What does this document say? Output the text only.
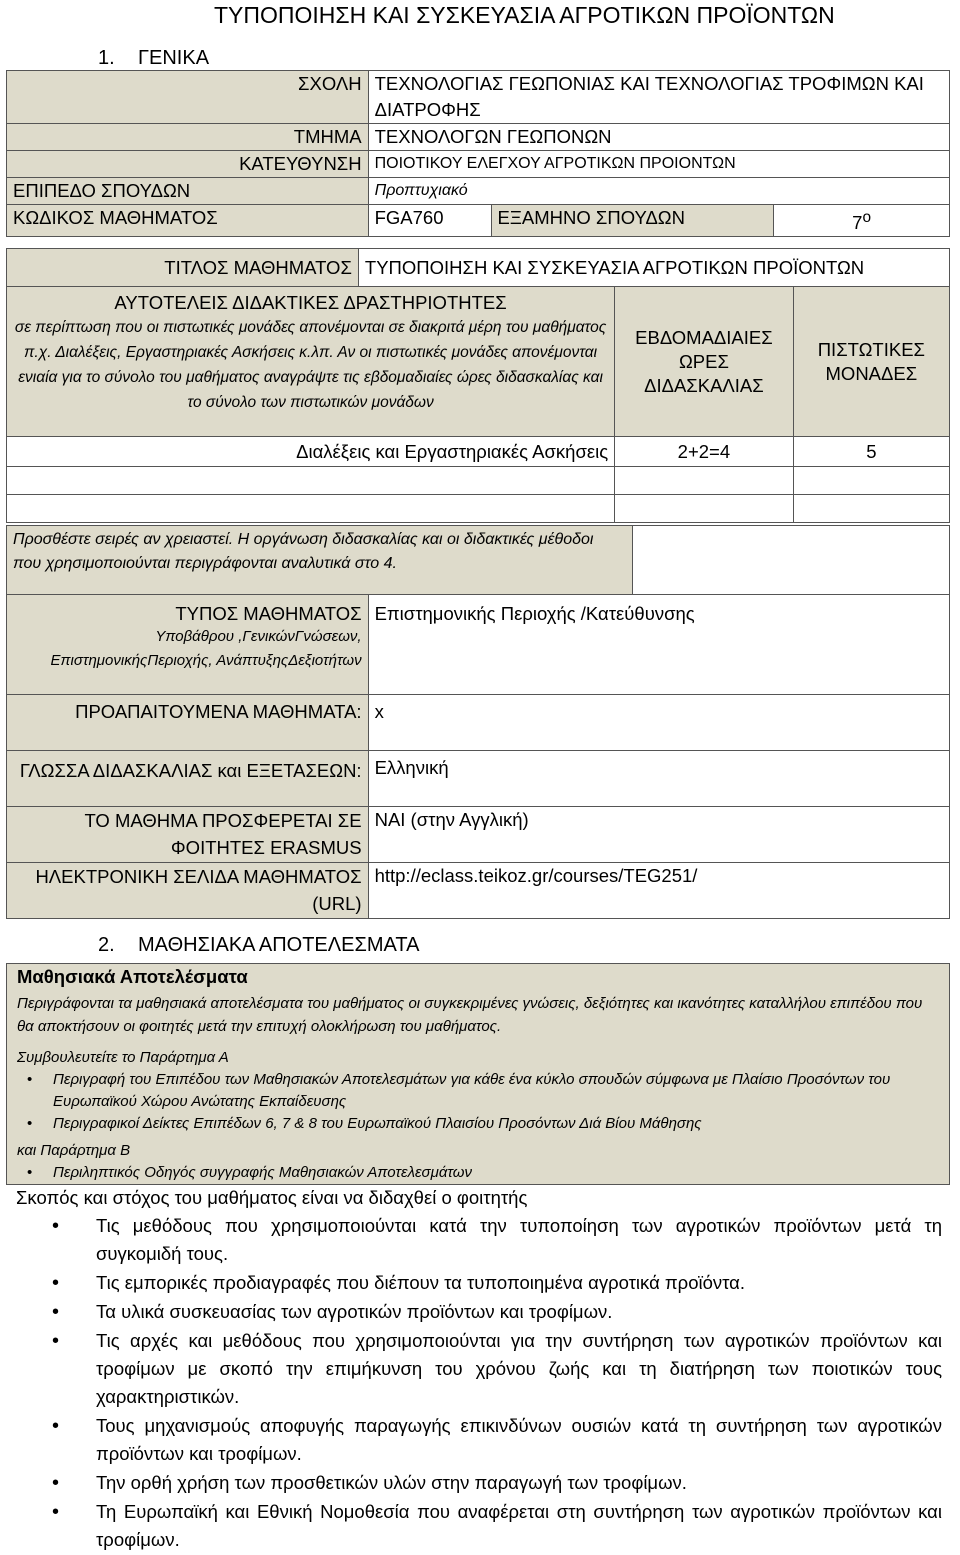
ΤΥΠΟΠΟΙΗΣΗ ΚΑΙ ΣΥΣΚΕΥΑΣΙΑ ΑΓΡΟΤΙΚΩΝ ΠΡΟΪΟΝΤΩΝ
1. ΓΕΝΙΚΑ
ΣΧΟΛΗ	ΤΕΧΝΟΛΟΓΙΑΣ ΓΕΩΠΟΝΙΑΣ ΚΑΙ ΤΕΧΝΟΛΟΓΙΑΣ ΤΡΟΦΙΜΩΝ ΚΑΙ ΔΙΑΤΡΟΦΗΣ		
ΤΜΗΜΑ	ΤΕΧΝΟΛΟΓΩΝ ΓΕΩΠΟΝΩΝ		
ΚΑΤΕΥΘΥΝΣΗ	ΠΟΙΟΤΙΚΟΥ ΕΛΕΓΧΟΥ ΑΓΡΟΤΙΚΩΝ ΠΡΟΙΟΝΤΩΝ		
ΕΠΙΠΕΔΟ ΣΠΟΥΔΩΝ	Προπτυχιακό		
ΚΩΔΙΚΟΣ ΜΑΘΗΜΑΤΟΣ	FGA760	ΕΞΑΜΗΝΟ ΣΠΟΥΔΩΝ	$7^o$
ΤΙΤΛΟΣ ΜΑΘΗΜΑΤΟΣ	ΤΥΠΟΠΟΙΗΣΗ ΚΑΙ ΣΥΣΚΕΥΑΣΙΑ ΑΓΡΟΤΙΚΩΝ ΠΡΟΪΟΝΤΩΝ		

ΑΥΤΟΤΕΛΕΙΣ ΔΙΔΑΚΤΙΚΕΣ ΔΡΑΣΤΗΡΙΟΤΗΤΕΣ
σε περίπτωση που οι πιστωτικές μονάδες απονέμονται σε διακριτά μέρη του μαθήματος π.χ. Διαλέξεις, Εργαστηριακές Ασκήσεις κ.λπ. Αν οι πιστωτικές μονάδες απονέμονται ενιαία για το σύνολο του μαθήματος αναγράψτε τις εβδομαδιαίες ώρες διδασκαλίας και το σύνολο των πιστωτικών μονάδων		ΕΒΔΟΜΑΔΙΑΙΕΣ ΩΡΕΣ ΔΙΔΑΣΚΑΛΙΑΣ	ΠΙΣΤΩΤΙΚΕΣ ΜΟΝΑΔΕΣ
Διαλέξεις και Εργαστηριακές Ασκήσεις		2+2=4	5

Προσθέστε σειρές αν χρειαστεί. Η οργάνωση διδασκαλίας και οι διδακτικές μέθοδοι που χρησιμοποιούνται περιγράφονται αναλυτικά στο 4.
ΤΥΠΟΣ ΜΑΘΗΜΑΤΟΣ
Υποβάθρου ,ΓενικώνΓνώσεων, ΕπιστημονικήςΠεριοχής, ΑνάπτυξηςΔεξιοτήτων	Επιστημονικής Περιοχής /Κατεύθυνσης
ΠΡΟΑΠΑΙΤΟΥΜΕΝΑ ΜΑΘΗΜΑΤΑ:	x
ΓΛΩΣΣΑ ΔΙΔΑΣΚΑΛΙΑΣ και ΕΞΕΤΑΣΕΩΝ:	Ελληνική
ΤΟ ΜΑΘΗΜΑ ΠΡΟΣΦΕΡΕΤΑΙ ΣΕ ΦΟΙΤΗΤΕΣ ERASMUS	ΝΑΙ (στην Αγγλική)
ΗΛΕΚΤΡΟΝΙΚΗ ΣΕΛΙΔΑ ΜΑΘΗΜΑΤΟΣ (URL)	http://eclass.teikoz.gr/courses/TEG251/
2. ΜΑΘΗΣΙΑΚΑ ΑΠΟΤΕΛΕΣΜΑΤΑ
Μαθησιακά Αποτελέσματα

Περιγράφονται τα μαθησιακά αποτελέσματα του μαθήματος οι συγκεκριμένες γνώσεις, δεξιότητες και ικανότητες καταλλήλου επιπέδου που θα αποκτήσουν οι φοιτητές μετά την επιτυχή ολοκλήρωση του μαθήματος.

Συμβουλευτείτε το Παράρτημα Α

• Περιγραφή του Επιπέδου των Μαθησιακών Αποτελεσμάτων για κάθε ένα κύκλο σπουδών σύμφωνα με Πλαίσιο Προσόντων του Ευρωπαϊκού Χώρου Ανώτατης Εκπαίδευσης
• Περιγραφικοί Δείκτες Επιπέδων 6, 7 & 8 του Ευρωπαϊκού Πλαισίου Προσόντων Διά Βίου Μάθησης

και Παράρτημα Β

• Περιληπτικός Οδηγός συγγραφής Μαθησιακών Αποτελεσμάτων
Σκοπός και στόχος του μαθήματος είναι να διδαχθεί ο φοιτητής
• Τις μεθόδους που χρησιμοποιούνται κατά την τυποποίηση των αγροτικών προϊόντων μετά τη συγκομιδή τους.
• Τις εμπορικές προδιαγραφές που διέπουν τα τυποποιημένα αγροτικά προϊόντα.
• Τα υλικά συσκευασίας των αγροτικών προϊόντων και τροφίμων.
• Τις αρχές και μεθόδους που χρησιμοποιούνται για την συντήρηση των αγροτικών προϊόντων και τροφίμων με σκοπό την επιμήκυνση του χρόνου ζωής και τη διατήρηση των ποιοτικών τους χαρακτηριστικών.
• Τους μηχανισμούς αποφυγής παραγωγής επικινδύνων ουσιών κατά τη συντήρηση των αγροτικών προϊόντων και τροφίμων.
• Την ορθή χρήση των προσθετικών υλών στην παραγωγή των τροφίμων.
• Τη Ευρωπαϊκή και Εθνική Νομοθεσία που αναφέρεται στη συντήρηση των αγροτικών προϊόντων και τροφίμων.
